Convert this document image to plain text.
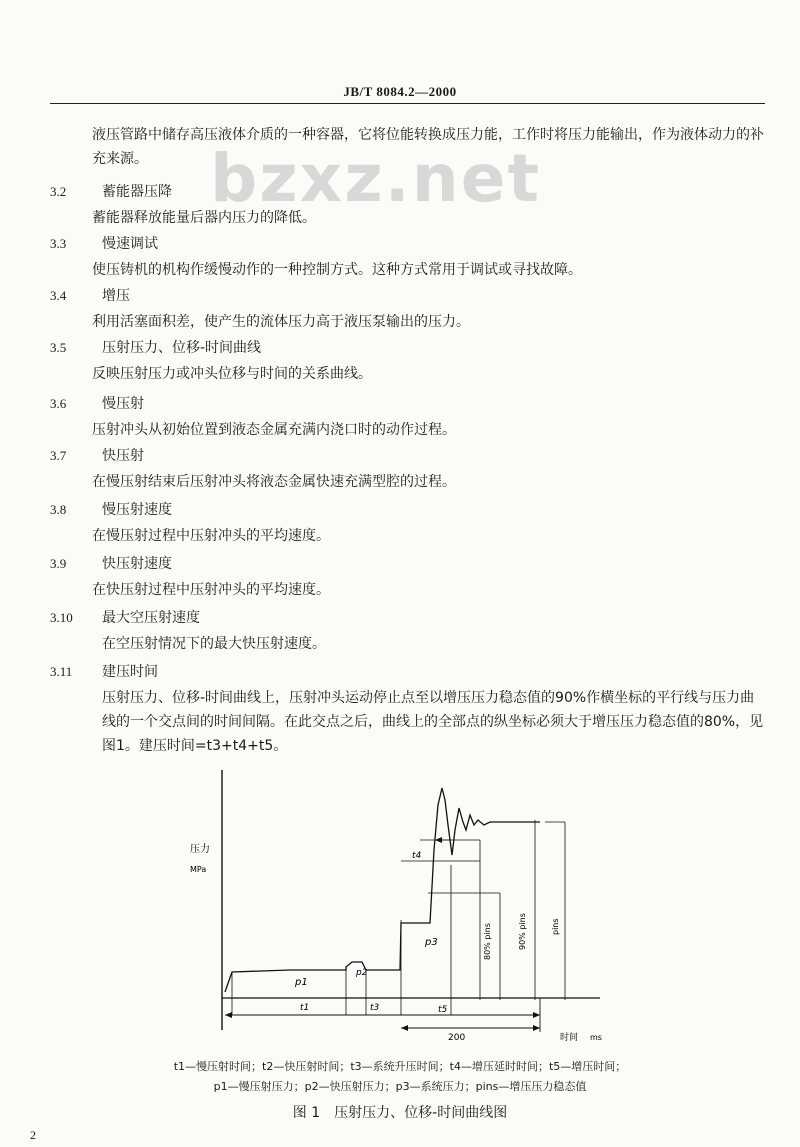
JB/T 8084.2—2000
bzxz.net
液压管路中储存高压液体介质的一种容器，它将位能转换成压力能，工作时将压力能输出，作为液体动力的补充来源。
3.2	蓄能器压降
蓄能器释放能量后器内压力的降低。
3.3	慢速调试
使压铸机的机构作缓慢动作的一种控制方式。这种方式常用于调试或寻找故障。
3.4	增压
利用活塞面积差，使产生的流体压力高于液压泵输出的压力。
3.5	压射压力、位移-时间曲线
反映压射压力或冲头位移与时间的关系曲线。
3.6	慢压射
压射冲头从初始位置到液态金属充满内浇口时的动作过程。
3.7	快压射
在慢压射结束后压射冲头将液态金属快速充满型腔的过程。
3.8	慢压射速度
在慢压射过程中压射冲头的平均速度。
3.9	快压射速度
在快压射过程中压射冲头的平均速度。
3.10 最大空压射速度
在空压射情况下的最大快压射速度。
3.11 建压时间
压射压力、位移-时间曲线上，压射冲头运动停止点至以增压压力稳态值的90%作横坐标的平行线与压力曲线的一个交点间的时间间隔。在此交点之后，曲线上的全部点的纵坐标必须大于增压压力稳态值的80%，见图1。建压时间=t3+t4+t5。
压力
MPa
p1
p2
p3
t1	t3
t4
t5
80% pins	90% pins	pins
200	时间 ms
t1—慢压射时间；t2—快压射时间；t3—系统升压时间；t4—增压延时时间；t5—增压时间；
p1—慢压射压力；p2—快压射压力；p3—系统压力；pins—增压压力稳态值
图 1　压射压力、位移-时间曲线图
2
